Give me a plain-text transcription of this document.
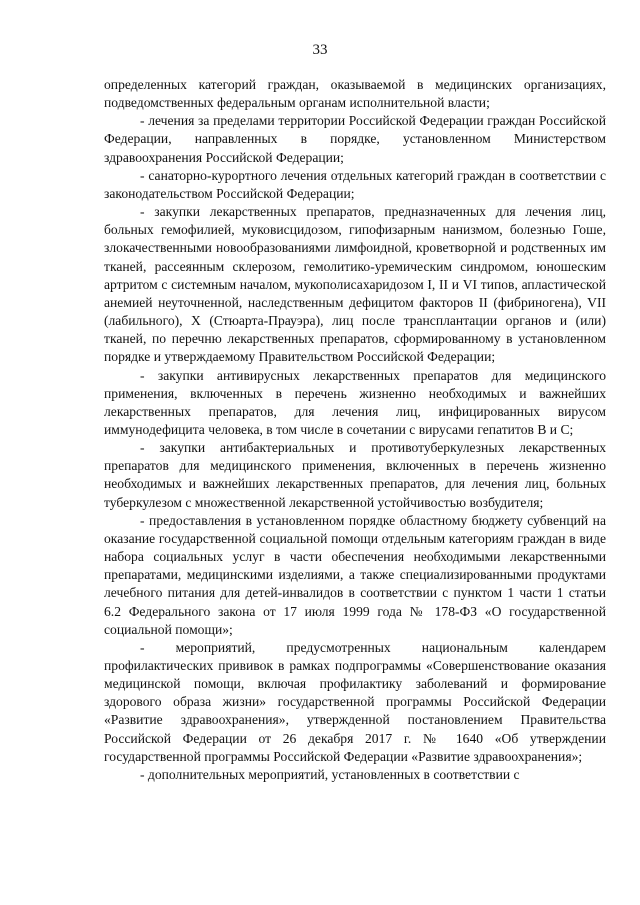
33

определенных категорий граждан, оказываемой в медицинских организациях, подведомственных федеральным органам исполнительной власти;

- лечения за пределами территории Российской Федерации граждан Российской Федерации, направленных в порядке, установленном Министерством здравоохранения Российской Федерации;

- санаторно-курортного лечения отдельных категорий граждан в соответствии с законодательством Российской Федерации;

- закупки лекарственных препаратов, предназначенных для лечения лиц, больных гемофилией, муковисцидозом, гипофизарным нанизмом, болезнью Гоше, злокачественными новообразованиями лимфоидной, кроветворной и родственных им тканей, рассеянным склерозом, гемолитико-уремическим синдромом, юношеским артритом с системным началом, мукополисахаридозом I, II и VI типов, апластической анемией неуточненной, наследственным дефицитом факторов II (фибриногена), VII (лабильного), X (Стюарта-Прауэра), лиц после трансплантации органов и (или) тканей, по перечню лекарственных препаратов, сформированному в установленном порядке и утверждаемому Правительством Российской Федерации;

- закупки антивирусных лекарственных препаратов для медицинского применения, включенных в перечень жизненно необходимых и важнейших лекарственных препаратов, для лечения лиц, инфицированных вирусом иммунодефицита человека, в том числе в сочетании с вирусами гепатитов В и С;

- закупки антибактериальных и противотуберкулезных лекарственных препаратов для медицинского применения, включенных в перечень жизненно необходимых и важнейших лекарственных препаратов, для лечения лиц, больных туберкулезом с множественной лекарственной устойчивостью возбудителя;

- предоставления в установленном порядке областному бюджету субвенций на оказание государственной социальной помощи отдельным категориям граждан в виде набора социальных услуг в части обеспечения необходимыми лекарственными препаратами, медицинскими изделиями, а также специализированными продуктами лечебного питания для детей-инвалидов в соответствии с пунктом 1 части 1 статьи 6.2 Федерального закона от 17 июля 1999 года № 178-ФЗ «О государственной социальной помощи»;

- мероприятий, предусмотренных национальным календарем профилактических прививок в рамках подпрограммы «Совершенствование оказания медицинской помощи, включая профилактику заболеваний и формирование здорового образа жизни» государственной программы Российской Федерации «Развитие здравоохранения», утвержденной постановлением Правительства Российской Федерации от 26 декабря 2017 г. № 1640 «Об утверждении государственной программы Российской Федерации «Развитие здравоохранения»;

- дополнительных мероприятий, установленных в соответствии с
